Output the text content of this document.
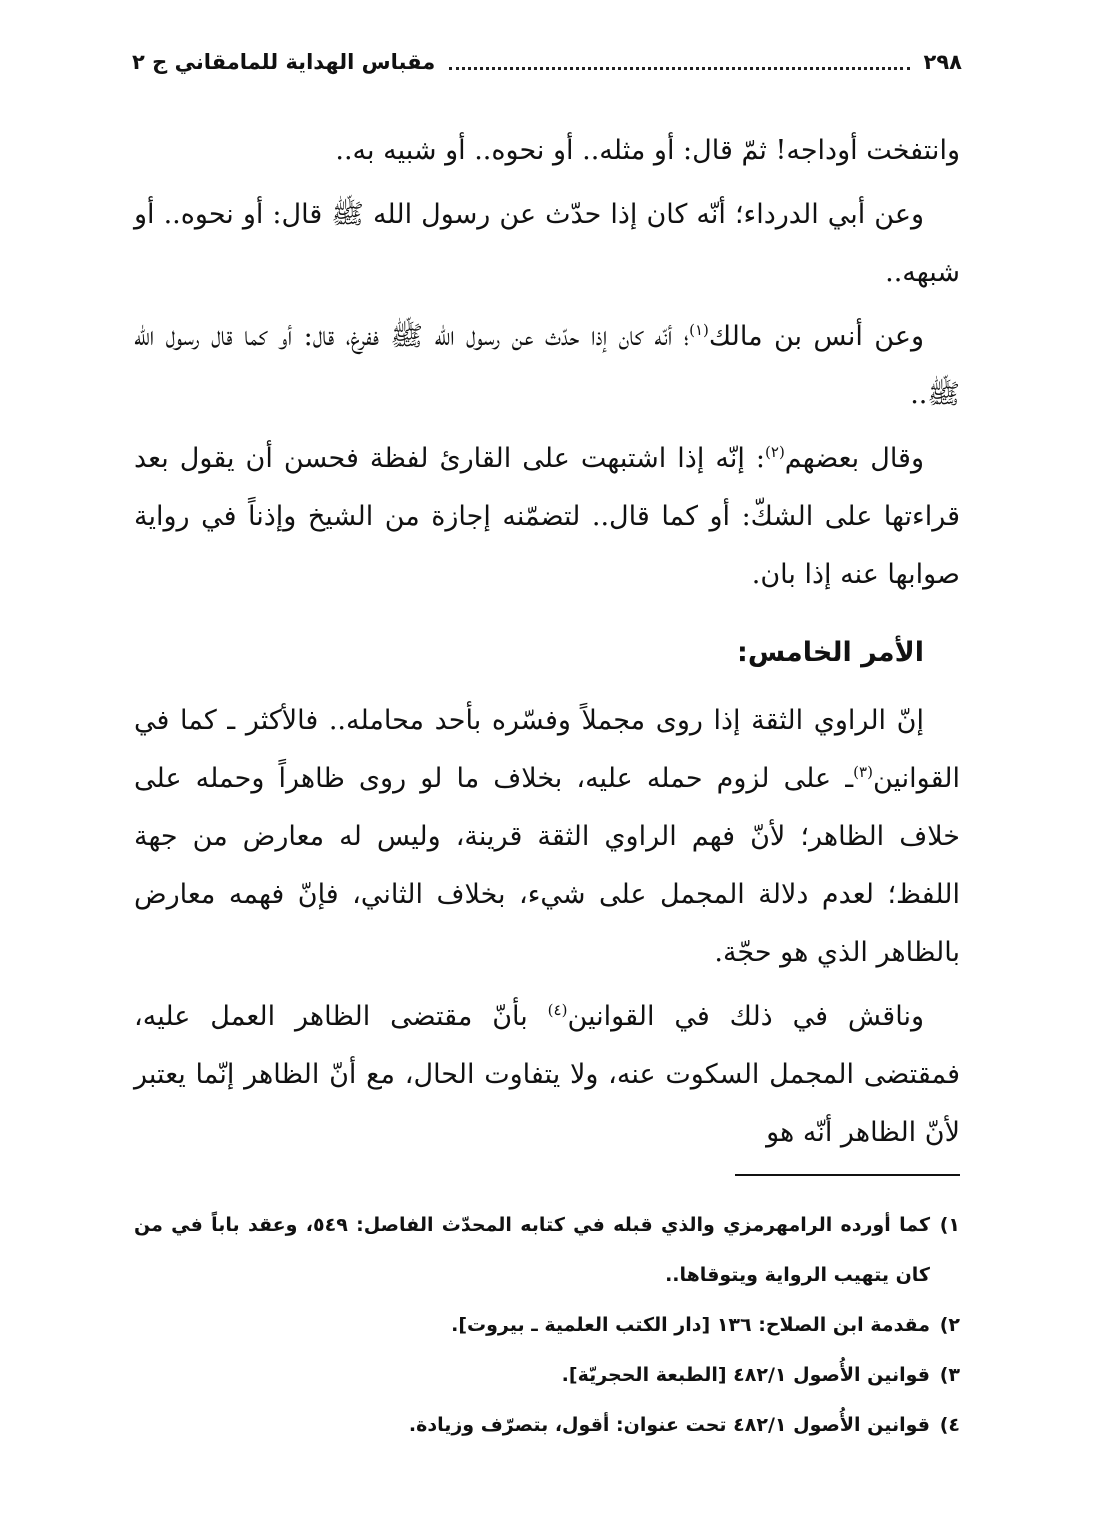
٢٩٨
مقباس الهداية للمامقاني ج ٢

وانتفخت أوداجه! ثمّ قال: أو مثله.. أو نحوه.. أو شبيه به..

وعن أبي الدرداء؛ أنّه كان إذا حدّث عن رسول الله ﷺ قال: أو نحوه.. أو شبهه..

وعن أنس بن مالك$^{(١)}$؛ أنّه كان إذا حدّث عن رسول الله ﷺ ففرغ، قال: أو كما قال رسول الله ﷺ..

وقال بعضهم$^{(٢)}$: إنّه إذا اشتبهت على القارئ لفظة فحسن أن يقول بعد قراءتها على الشكّ: أو كما قال.. لتضمّنه إجازة من الشيخ وإذناً في رواية صوابها عنه إذا بان.

الأمر الخامس:

إنّ الراوي الثقة إذا روى مجملاً وفسّره بأحد محامله.. فالأكثر ـ كما في القوانين$^{(٣)}$ـ على لزوم حمله عليه، بخلاف ما لو روى ظاهراً وحمله على خلاف الظاهر؛ لأنّ فهم الراوي الثقة قرينة، وليس له معارض من جهة اللفظ؛ لعدم دلالة المجمل على شيء، بخلاف الثاني، فإنّ فهمه معارض بالظاهر الذي هو حجّة.

وناقش في ذلك في القوانين$^{(٤)}$ بأنّ مقتضى الظاهر العمل عليه، فمقتضى المجمل السكوت عنه، ولا يتفاوت الحال، مع أنّ الظاهر إنّما يعتبر لأنّ الظاهر أنّه هو

١)
كما أورده الرامهرمزي والذي قبله في كتابه المحدّث الفاصل: ٥٤٩، وعقد باباً في من كان يتهيب الرواية ويتوقاها..
٢)
مقدمة ابن الصلاح: ١٣٦ [دار الكتب العلمية ـ بيروت].
٣)
قوانين الأُصول ٤٨٢/١ [الطبعة الحجريّة].
٤)
قوانين الأُصول ٤٨٢/١ تحت عنوان: أقول، بتصرّف وزيادة.
